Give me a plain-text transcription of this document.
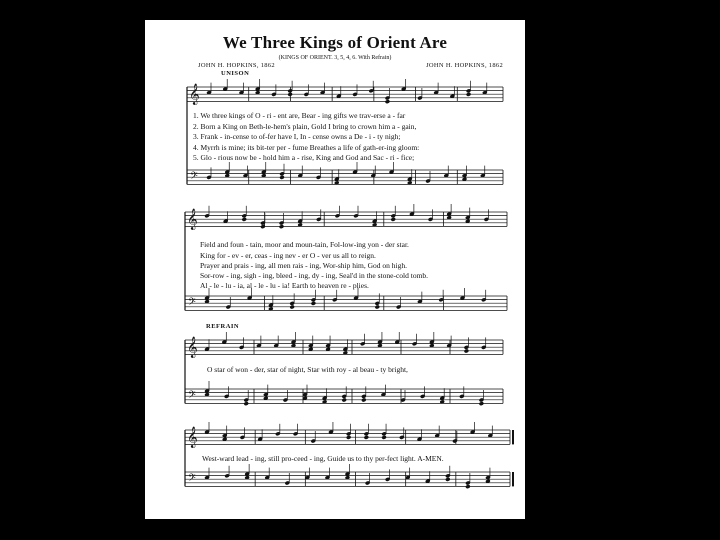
We Three Kings of Orient Are
(KINGS OF ORIENT. 3, 5, 4, 6. With Refrain)
JOHN H. HOPKINS, 1862	JOHN H. HOPKINS, 1862
UNISON
REFRAIN
𝄞
𝄢
𝄞
𝄢
𝄞
𝄢
𝄞
𝄢
1. We three kings of O - ri - ent are, Bear - ing gifts we trav-erse a - far
2. Born a King on Beth-le-hem's plain, Gold I bring to crown him a - gain,
3. Frank - in-cense to of-fer have I, In - cense owns a De - i - ty nigh;
4. Myrrh is mine; its bit-ter per - fume Breathes a life of gath-er-ing gloom:
5. Glo - rious now be - hold him a - rise, King and God and Sac - ri - fice;
Field and foun - tain, moor and moun-tain, Fol-low-ing yon - der star.
King for - ev - er, ceas - ing nev - er O - ver us all to reign.
Prayer and prais - ing, all men rais - ing, Wor-ship him, God on high.
Sor-row - ing, sigh - ing, bleed - ing, dy - ing, Seal'd in the stone-cold tomb.
Al - le - lu - ia, al - le - lu - ia! Earth to heaven re - plies.
O star of won - der, star of night, Star with roy - al beau - ty bright,
West-ward lead - ing, still pro-ceed - ing, Guide us to thy per-fect light. A-MEN.
